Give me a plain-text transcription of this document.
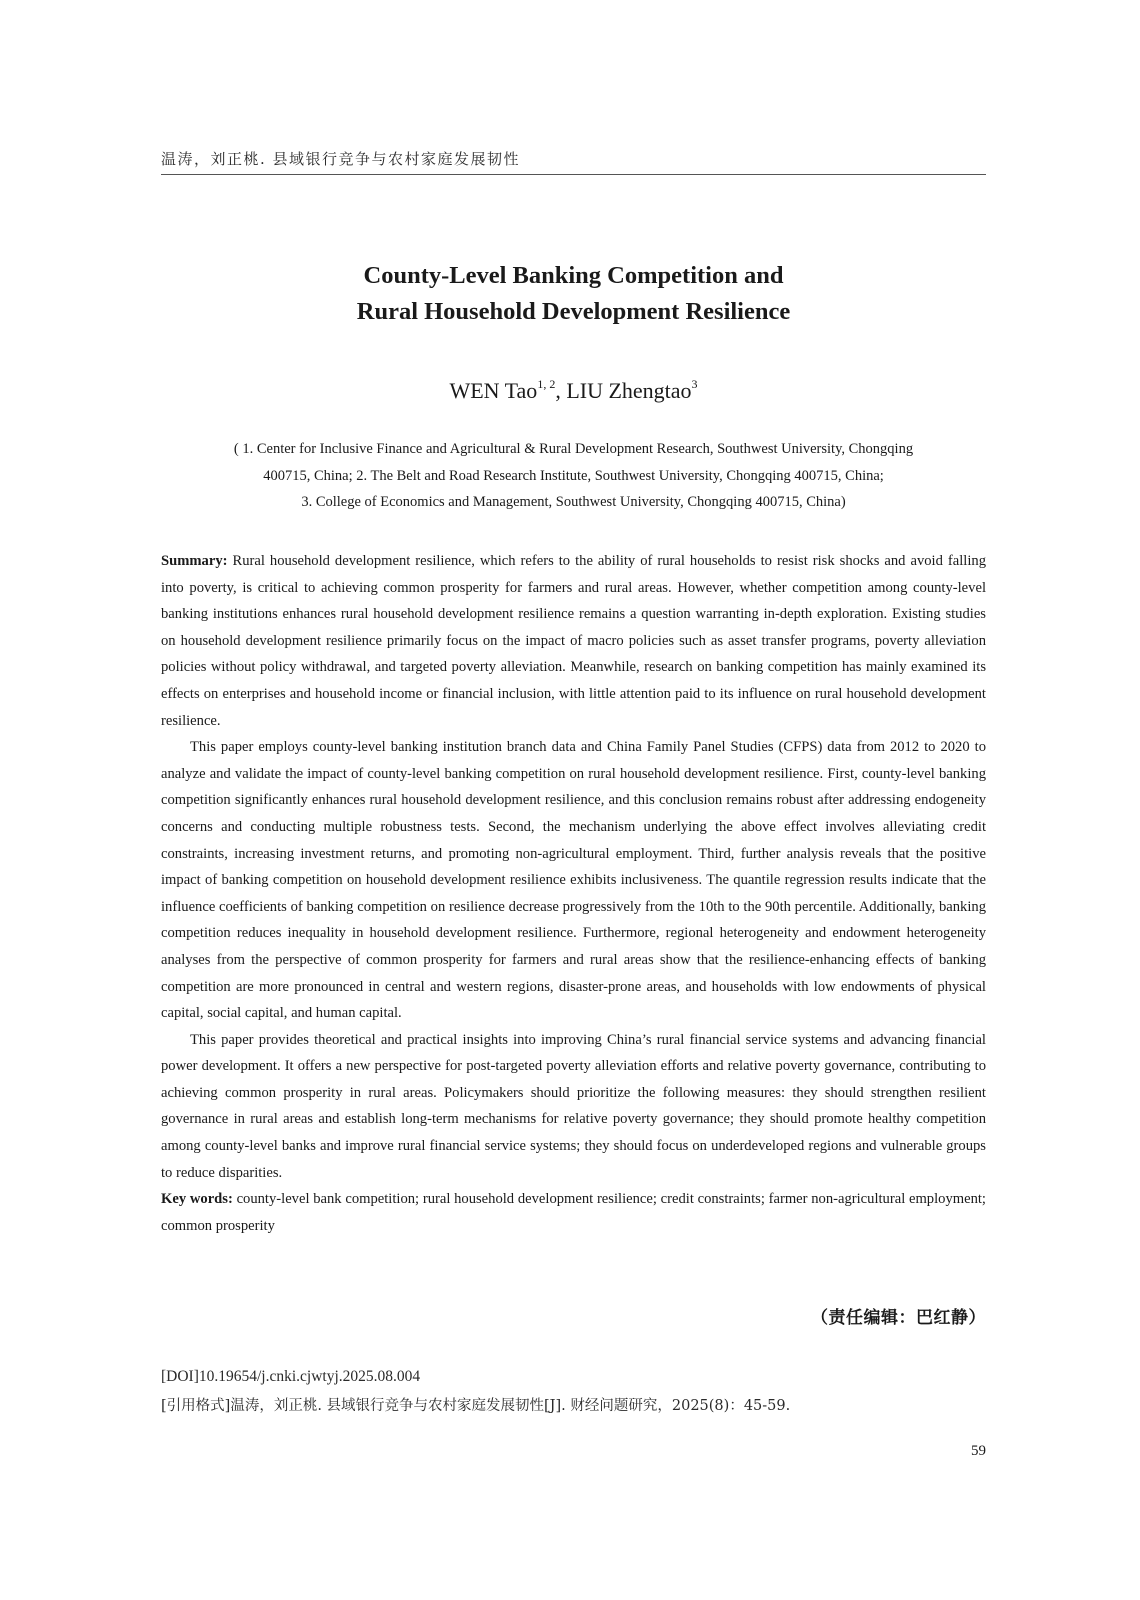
温涛，刘正桃. 县域银行竞争与农村家庭发展韧性
County-Level Banking Competition and
Rural Household Development Resilience
WEN Tao$^{1, 2}$, LIU Zhengtao$^3$
( 1. Center for Inclusive Finance and Agricultural & Rural Development Research, Southwest University, Chongqing
400715, China; 2. The Belt and Road Research Institute, Southwest University, Chongqing 400715, China;
3. College of Economics and Management, Southwest University, Chongqing 400715, China)

Summary: Rural household development resilience, which refers to the ability of rural households to resist risk shocks and avoid falling into poverty, is critical to achieving common prosperity for farmers and rural areas. However, whether competition among county-level banking institutions enhances rural household development resilience remains a question warranting in-depth exploration. Existing studies on household development resilience primarily focus on the impact of macro policies such as asset transfer programs, poverty alleviation policies without policy withdrawal, and targeted poverty alleviation. Meanwhile, research on banking competition has mainly examined its effects on enterprises and household income or financial inclusion, with little attention paid to its influence on rural household development resilience.

This paper employs county-level banking institution branch data and China Family Panel Studies (CFPS) data from 2012 to 2020 to analyze and validate the impact of county-level banking competition on rural household development resilience. First, county-level banking competition significantly enhances rural household development resilience, and this conclusion remains robust after addressing endogeneity concerns and conducting multiple robustness tests. Second, the mechanism underlying the above effect involves alleviating credit constraints, increasing investment returns, and promoting non-agricultural employment. Third, further analysis reveals that the positive impact of banking competition on household development resilience exhibits inclusiveness. The quantile regression results indicate that the influence coefficients of banking competition on resilience decrease progressively from the 10th to the 90th percentile. Additionally, banking competition reduces inequality in household development resilience. Furthermore, regional heterogeneity and endowment heterogeneity analyses from the perspective of common prosperity for farmers and rural areas show that the resilience-enhancing effects of banking competition are more pronounced in central and western regions, disaster-prone areas, and households with low endowments of physical capital, social capital, and human capital.

This paper provides theoretical and practical insights into improving China’s rural financial service systems and advancing financial power development. It offers a new perspective for post-targeted poverty alleviation efforts and relative poverty governance, contributing to achieving common prosperity in rural areas. Policymakers should prioritize the following measures: they should strengthen resilient governance in rural areas and establish long-term mechanisms for relative poverty governance; they should promote healthy competition among county-level banks and improve rural financial service systems; they should focus on underdeveloped regions and vulnerable groups to reduce disparities.

Key words: county-level bank competition; rural household development resilience; credit constraints; farmer non-agricultural employment; common prosperity

（责任编辑：巴红静）
[DOI]10.19654/j.cnki.cjwtyj.2025.08.004
[引用格式]温涛，刘正桃. 县域银行竞争与农村家庭发展韧性[J]. 财经问题研究，2025(8)：45-59.
59
